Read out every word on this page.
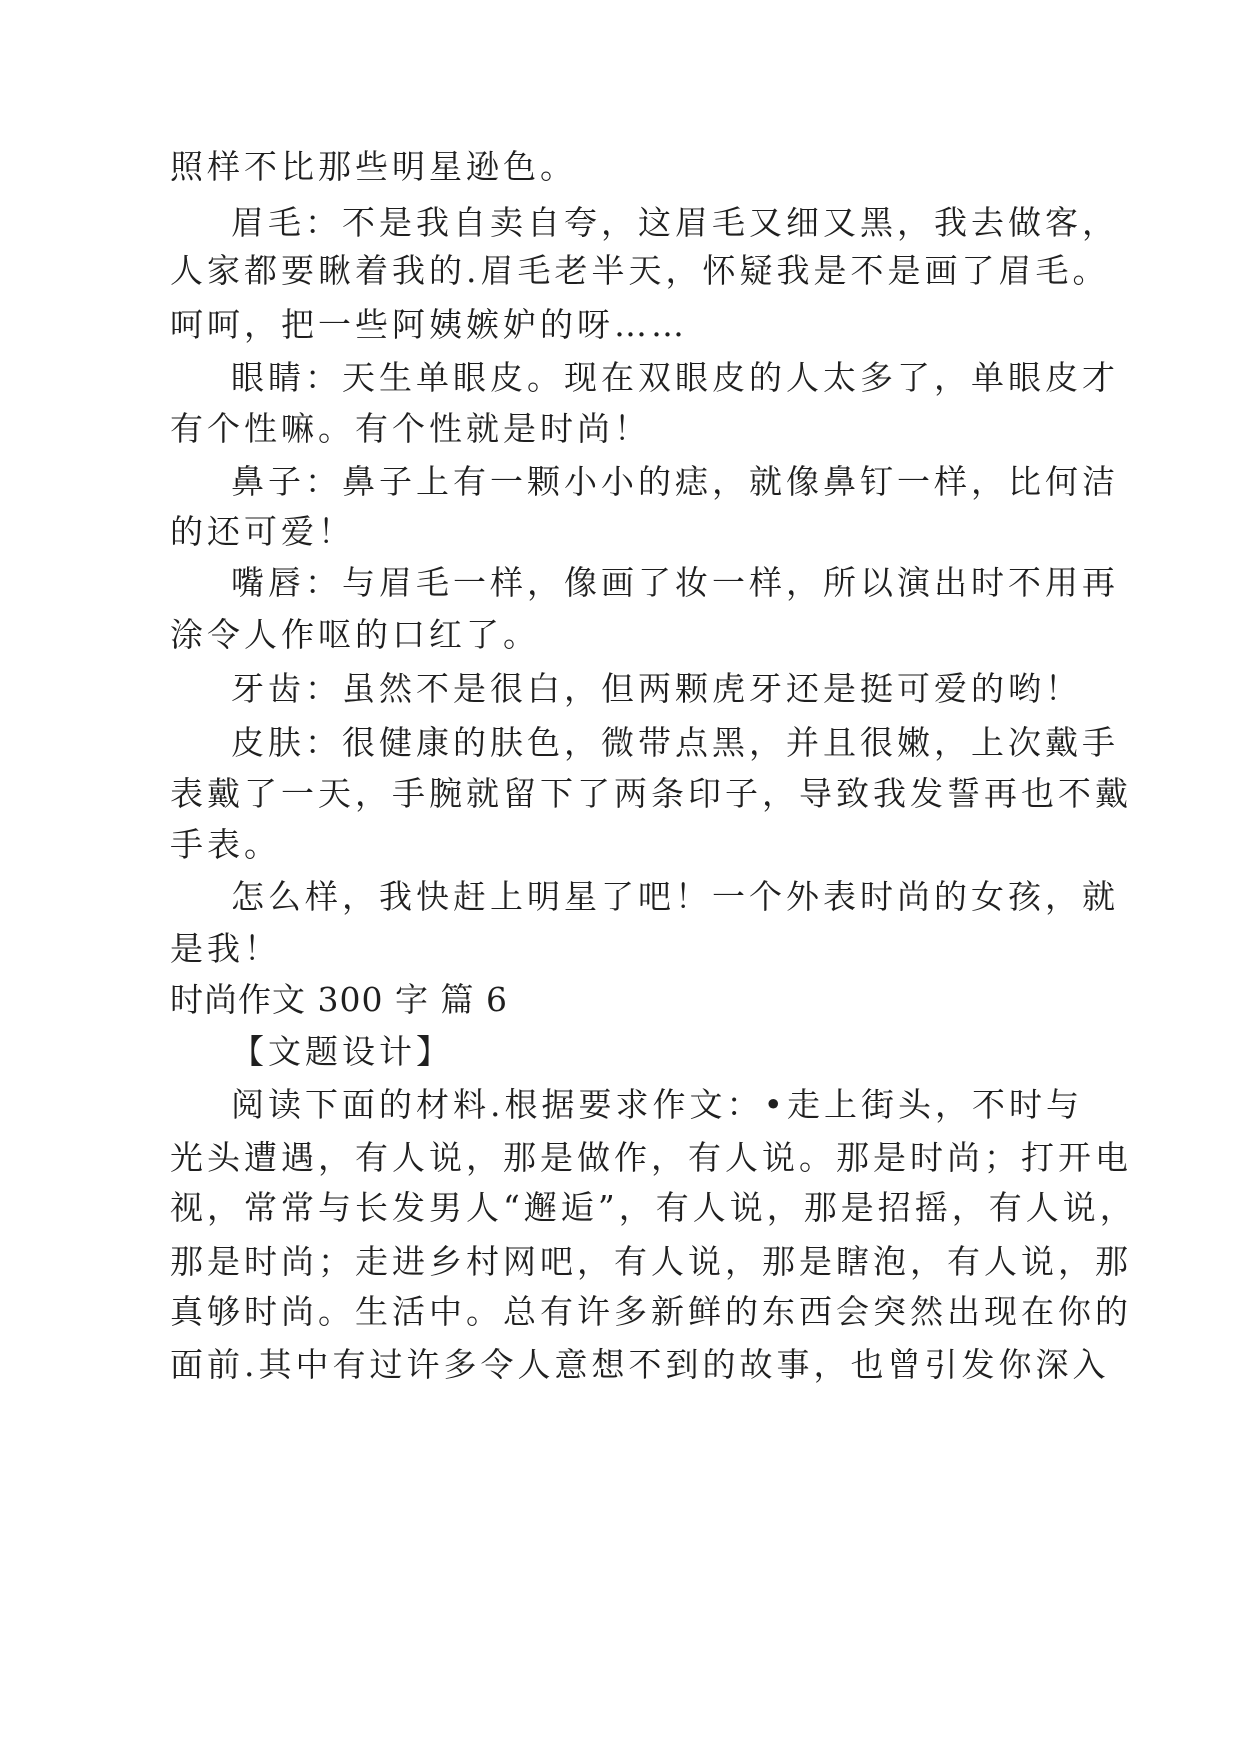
照样不比那些明星逊色。

眉毛：不是我自卖自夸，这眉毛又细又黑，我去做客，

人家都要瞅着我的.眉毛老半天，怀疑我是不是画了眉毛。

呵呵，把一些阿姨嫉妒的呀……

眼睛：天生单眼皮。现在双眼皮的人太多了，单眼皮才

有个性嘛。有个性就是时尚！

鼻子：鼻子上有一颗小小的痣，就像鼻钉一样，比何洁

的还可爱！

嘴唇：与眉毛一样，像画了妆一样，所以演出时不用再

涂令人作呕的口红了。

牙齿：虽然不是很白，但两颗虎牙还是挺可爱的哟！

皮肤：很健康的肤色，微带点黑，并且很嫩，上次戴手

表戴了一天，手腕就留下了两条印子，导致我发誓再也不戴

手表。

怎么样，我快赶上明星了吧！一个外表时尚的女孩，就

是我！

时尚作文 300 字 篇 6

【文题设计】

阅读下面的材料.根据要求作文：•走上街头，不时与

光头遭遇，有人说，那是做作，有人说。那是时尚；打开电

视，常常与长发男人“邂逅”，有人说，那是招摇，有人说，

那是时尚；走进乡村网吧，有人说，那是瞎泡，有人说，那

真够时尚。生活中。总有许多新鲜的东西会突然出现在你的

面前.其中有过许多令人意想不到的故事，也曾引发你深入
